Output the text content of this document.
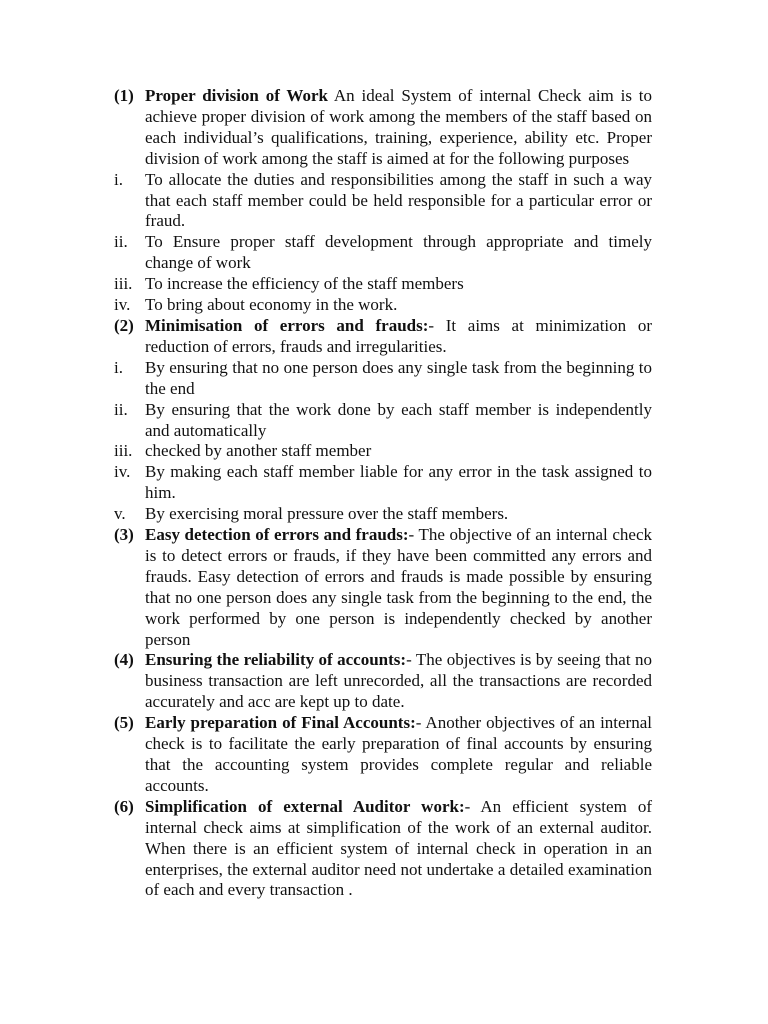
(1) Proper division of Work An ideal System of internal Check aim is to achieve proper division of work among the members of the staff based on each individual’s qualifications, training, experience, ability etc. Proper division of work among the staff is aimed at for the following purposes
i. To allocate the duties and responsibilities among the staff in such a way that each staff member could be held responsible for a particular error or fraud.
ii. To Ensure proper staff development through appropriate and timely change of work
iii. To increase the efficiency of the staff members
iv. To bring about economy in the work.
(2) Minimisation of errors and frauds:- It aims at minimization or reduction of errors, frauds and irregularities.
i. By ensuring that no one person does any single task from the beginning to the end
ii. By ensuring that the work done by each staff member is independently and automatically
iii. checked by another staff member
iv. By making each staff member liable for any error in the task assigned to him.
v. By exercising moral pressure over the staff members.
(3) Easy detection of errors and frauds:- The objective of an internal check is to detect errors or frauds, if they have been committed any errors and frauds. Easy detection of errors and frauds is made possible by ensuring that no one person does any single task from the beginning to the end, the work performed by one person is independently checked by another person
(4) Ensuring the reliability of accounts:- The objectives is by seeing that no business transaction are left unrecorded, all the transactions are recorded accurately and acc are kept up to date.
(5) Early preparation of Final Accounts:- Another objectives of an internal check is to facilitate the early preparation of final accounts by ensuring that the accounting system provides complete regular and reliable accounts.
(6) Simplification of external Auditor work:- An efficient system of internal check aims at simplification of the work of an external auditor. When there is an efficient system of internal check in operation in an enterprises, the external auditor need not undertake a detailed examination of each and every transaction .
